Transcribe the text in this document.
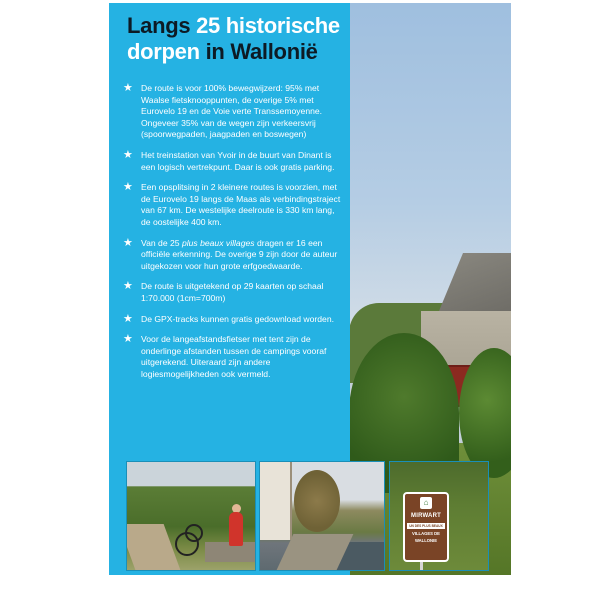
Langs 25 historische dorpen in Wallonië
★ De route is voor 100% bewegwijzerd: 95% met Waalse fietsknooppunten, de overige 5% met Eurovelo 19 en de Voie verte Transsemoyenne. Ongeveer 35% van de wegen zijn verkeersvrij (spoorwegpaden, jaagpaden en boswegen)
★ Het treinstation van Yvoir in de buurt van Dinant is een logisch vertrekpunt. Daar is ook gratis parking.
★ Een opsplitsing in 2 kleinere routes is voorzien, met de Eurovelo 19 langs de Maas als verbindingstraject van 67 km. De westelijke deelroute is 330 km lang, de oostelijke 400 km.
★ Van de 25 plus beaux villages dragen er 16 een officiële erkenning. De overige 9 zijn door de auteur uitgekozen voor hun grote erfgoedwaarde.
★ De route is uitgetekend op 29 kaarten op schaal 1:70.000 (1cm=700m)
★ De GPX-tracks kunnen gratis gedownload worden.
★ Voor de langeafstandsfietser met tent zijn de onderlinge afstanden tussen de campings vooraf uitgerekend. Uiteraard zijn andere logiesmogelijkheden ook vermeld.
⌂
MIRWART
UN DES PLUS BEAUX
VILLAGES DE
WALLONIE
